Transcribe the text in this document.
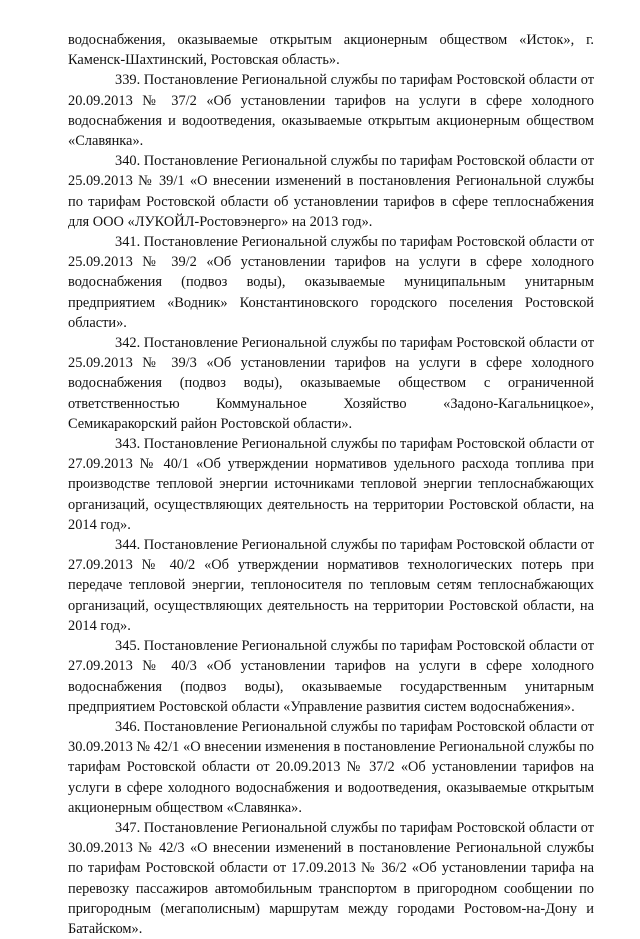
водоснабжения, оказываемые открытым акционерным обществом «Исток», г. Каменск-Шахтинский, Ростовская область».

339. Постановление Региональной службы по тарифам Ростовской области от 20.09.2013 № 37/2 «Об установлении тарифов на услуги в сфере холодного водоснабжения и водоотведения, оказываемые открытым акционерным обществом «Славянка».

340. Постановление Региональной службы по тарифам Ростовской области от 25.09.2013 № 39/1 «О внесении изменений в постановления Региональной службы по тарифам Ростовской области об установлении тарифов в сфере теплоснабжения для ООО «ЛУКОЙЛ-Ростовэнерго» на 2013 год».

341. Постановление Региональной службы по тарифам Ростовской области от 25.09.2013 № 39/2 «Об установлении тарифов на услуги в сфере холодного водоснабжения (подвоз воды), оказываемые муниципальным унитарным предприятием «Водник» Константиновского городского поселения Ростовской области».

342. Постановление Региональной службы по тарифам Ростовской области от 25.09.2013 № 39/3 «Об установлении тарифов на услуги в сфере холодного водоснабжения (подвоз воды), оказываемые обществом с ограниченной ответственностью Коммунальное Хозяйство «Задоно-Кагальницкое», Семикаракорский район Ростовской области».

343. Постановление Региональной службы по тарифам Ростовской области от 27.09.2013 № 40/1 «Об утверждении нормативов удельного расхода топлива при производстве тепловой энергии источниками тепловой энергии теплоснабжающих организаций, осуществляющих деятельность на территории Ростовской области, на 2014 год».

344. Постановление Региональной службы по тарифам Ростовской области от 27.09.2013 № 40/2 «Об утверждении нормативов технологических потерь при передаче тепловой энергии, теплоносителя по тепловым сетям теплоснабжающих организаций, осуществляющих деятельность на территории Ростовской области, на 2014 год».

345. Постановление Региональной службы по тарифам Ростовской области от 27.09.2013 № 40/3 «Об установлении тарифов на услуги в сфере холодного водоснабжения (подвоз воды), оказываемые государственным унитарным предприятием Ростовской области «Управление развития систем водоснабжения».

346. Постановление Региональной службы по тарифам Ростовской области от 30.09.2013 № 42/1 «О внесении изменения в постановление Региональной службы по тарифам Ростовской области от 20.09.2013 № 37/2 «Об установлении тарифов на услуги в сфере холодного водоснабжения и водоотведения, оказываемые открытым акционерным обществом «Славянка».

347. Постановление Региональной службы по тарифам Ростовской области от 30.09.2013 № 42/3 «О внесении изменений в постановление Региональной службы по тарифам Ростовской области от 17.09.2013 № 36/2 «Об установлении тарифа на перевозку пассажиров автомобильным транспортом в пригородном сообщении по пригородным (мегаполисным) маршрутам между городами Ростовом-на-Дону и Батайском».
